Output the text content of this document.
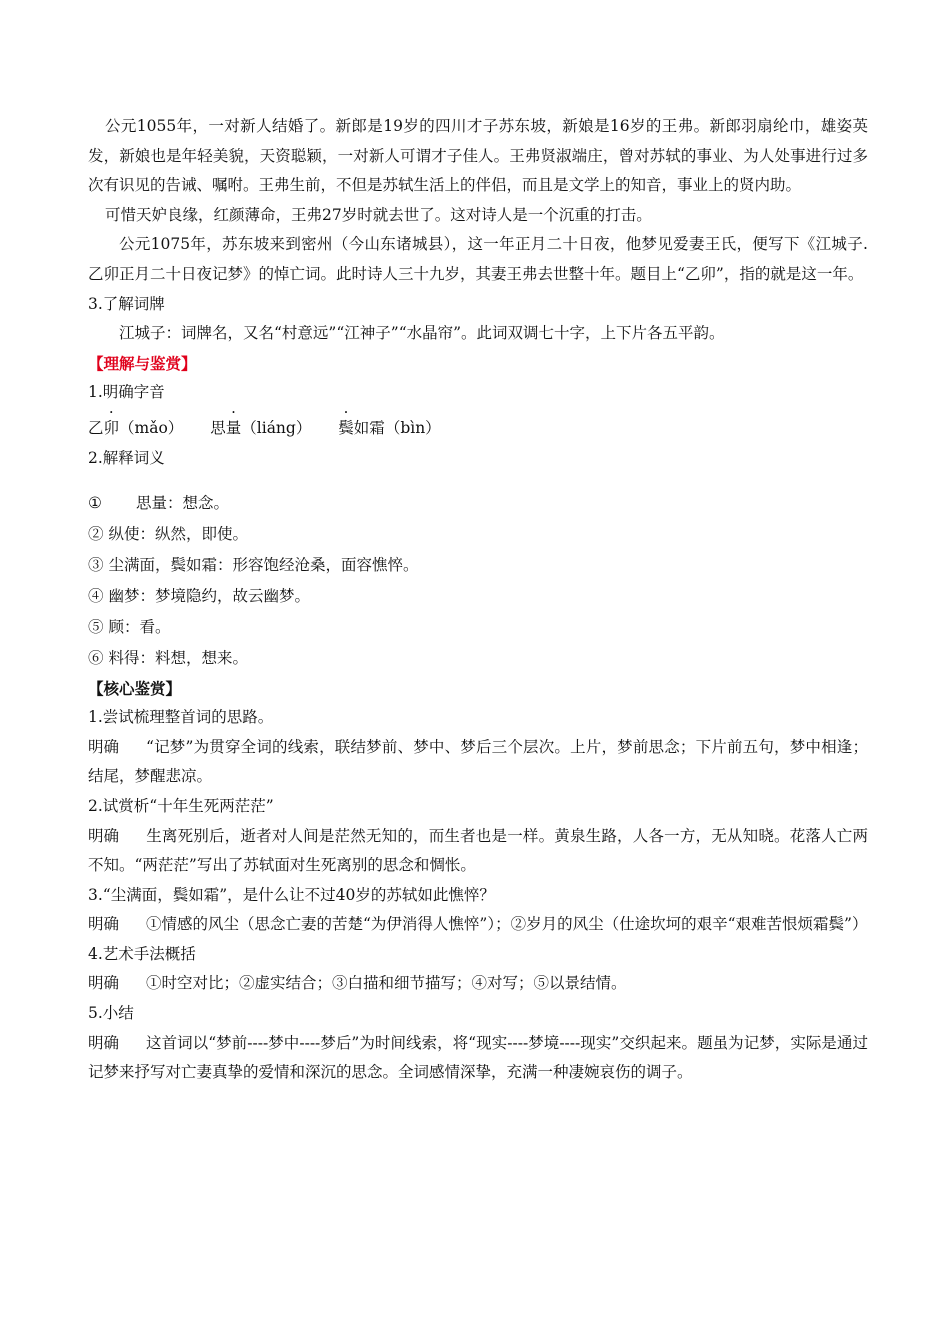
公元1055年，一对新人结婚了。新郎是19岁的四川才子苏东坡，新娘是16岁的王弗。新郎羽扇纶巾，雄姿英发，新娘也是年轻美貌，天资聪颖，一对新人可谓才子佳人。王弗贤淑端庄，曾对苏轼的事业、为人处事进行过多次有识见的告诫、嘱咐。王弗生前，不但是苏轼生活上的伴侣，而且是文学上的知音，事业上的贤内助。

可惜天妒良缘，红颜薄命，王弗27岁时就去世了。这对诗人是一个沉重的打击。

公元1075年，苏东坡来到密州（今山东诸城县），这一年正月二十日夜，他梦见爱妻王氏，便写下《江城子.乙卯正月二十日夜记梦》的悼亡词。此时诗人三十九岁，其妻王弗去世整十年。题目上“乙卯”，指的就是这一年。

3.了解词牌

江城子：词牌名，又名“村意远”“江神子”“水晶帘”。此词双调七十字，上下片各五平韵。

【理解与鉴赏】

1.明确字音

乙卯（mǎo） 思量（liáng） 鬓如霜（bìn）

2.解释词义

① 思量：想念。

② 纵使：纵然，即使。

③ 尘满面，鬓如霜：形容饱经沧桑，面容憔悴。

④ 幽梦：梦境隐约，故云幽梦。

⑤ 顾：看。

⑥ 料得：料想，想来。

【核心鉴赏】

1.尝试梳理整首词的思路。

明确 “记梦”为贯穿全词的线索，联结梦前、梦中、梦后三个层次。上片，梦前思念；下片前五句，梦中相逢；结尾，梦醒悲凉。

2.试赏析“十年生死两茫茫”

明确 生离死别后，逝者对人间是茫然无知的，而生者也是一样。黄泉生路，人各一方，无从知晓。花落人亡两不知。“两茫茫”写出了苏轼面对生死离别的思念和惆怅。

3.“尘满面，鬓如霜”，是什么让不过40岁的苏轼如此憔悴？

明确 ①情感的风尘（思念亡妻的苦楚“为伊消得人憔悴”）；②岁月的风尘（仕途坎坷的艰辛“艰难苦恨烦霜鬓”）

4.艺术手法概括

明确 ①时空对比；②虚实结合；③白描和细节描写；④对写；⑤以景结情。

5.小结

明确 这首词以“梦前----梦中----梦后”为时间线索，将“现实----梦境----现实”交织起来。题虽为记梦，实际是通过记梦来抒写对亡妻真挚的爱情和深沉的思念。全词感情深挚，充满一种凄婉哀伤的调子。
